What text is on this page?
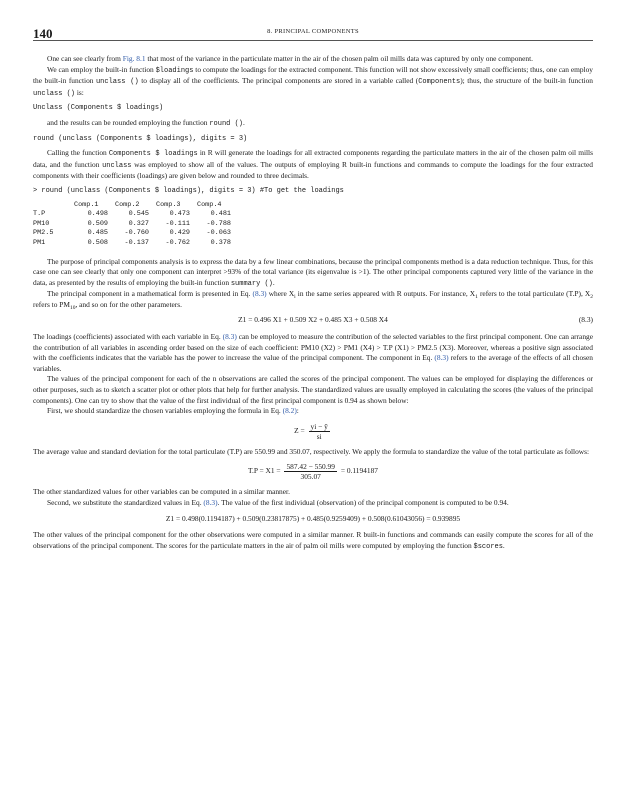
140	8. PRINCIPAL COMPONENTS

One can see clearly from Fig. 8.1 that most of the variance in the particulate matter in the air of the chosen palm oil mills data was captured by only one component.

We can employ the built-in function $loadings to compute the loadings for the extracted component. This function will not show excessively small coefficients; thus, one can employ the built-in function unclass () to display all of the coefficients. The principal components are stored in a variable called (Components); thus, the structure of the built-in function unclass () is:

Unclass (Components $ loadings)

and the results can be rounded employing the function round ().

round (unclass (Components $ loadings), digits = 3)

Calling the function Components $ loadings in R will generate the loadings for all extracted components regarding the particulate matters in the air of the chosen palm oil mills data, and the function unclass was employed to show all of the values. The outputs of employing R built-in functions and commands to compute the loadings for the four extracted components with their coefficients (loadings) are given below and rounded to three decimals.

> round (unclass (Components $ loadings), digits = 3) #To get the loadings
	Comp.1	Comp.2	Comp.3	Comp.4
T.P	0.498	0.545	0.473	0.481
PM10	0.509	0.327	-0.111	-0.788
PM2.5	0.485	-0.760	0.429	-0.063
PM1	0.508	-0.137	-0.762	0.378

The purpose of principal components analysis is to express the data by a few linear combinations, because the principal components method is a data reduction technique. Thus, for this case one can see clearly that only one component can interpret >93% of the total variance (its eigenvalue is >1). The other principal components captured very little of the variance in the data, as presented by the results of employing the built-in function summary ().

The principal component in a mathematical form is presented in Eq. (8.3) where $X_i$ in the same series appeared with R outputs. For instance, $X_1$ refers to the total particulate (T.P), $X_2$ refers to $PM_{10}$, and so on for the other parameters.

Z1 = 0.496 X1 + 0.509 X2 + 0.485 X3 + 0.508 X4	(8.3)

The loadings (coefficients) associated with each variable in Eq. (8.3) can be employed to measure the contribution of the selected variables to the first principal component. One can arrange the contribution of all variables in ascending order based on the size of each coefficient: PM10 (X2) > PM1 (X4) > T.P (X1) > PM2.5 (X3). Moreover, whereas a positive sign associated with the coefficients indicates that the variable has the power to increase the value of the principal component. The component in Eq. (8.3) refers to the average of the effects of all chosen variables.

The values of the principal component for each of the n observations are called the scores of the principal component. The values can be employed for displaying the differences or other purposes, such as to sketch a scatter plot or other plots that help for further analysis. The standardized values are usually employed in calculating the scores (the values of the principal components). One can try to show that the value of the first individual of the first principal component is 0.94 as shown below:

First, we should standardize the chosen variables employing the formula in Eq. (8.2):

$Z = \frac{yi - ȳ}{si}$

The average value and standard deviation for the total particulate (T.P) are 550.99 and 350.07, respectively. We apply the formula to standardize the value of the total particulate as follows:

$T.P = X1 = \frac{587.42 - 550.99}{305.07} = 0.1194187$

The other standardized values for other variables can be computed in a similar manner.

Second, we substitute the standardized values in Eq. (8.3). The value of the first individual (observation) of the principal component is computed to be 0.94.

Z1 = 0.498(0.1194187) + 0.509(0.23817875) + 0.485(0.9259409) + 0.508(0.61043056) = 0.939895

The other values of the principal component for the other observations were computed in a similar manner. R built-in functions and commands can easily compute the scores for all of the observations of the principal component. The scores for the particulate matters in the air of palm oil mills were computed by employing the function $scores.
